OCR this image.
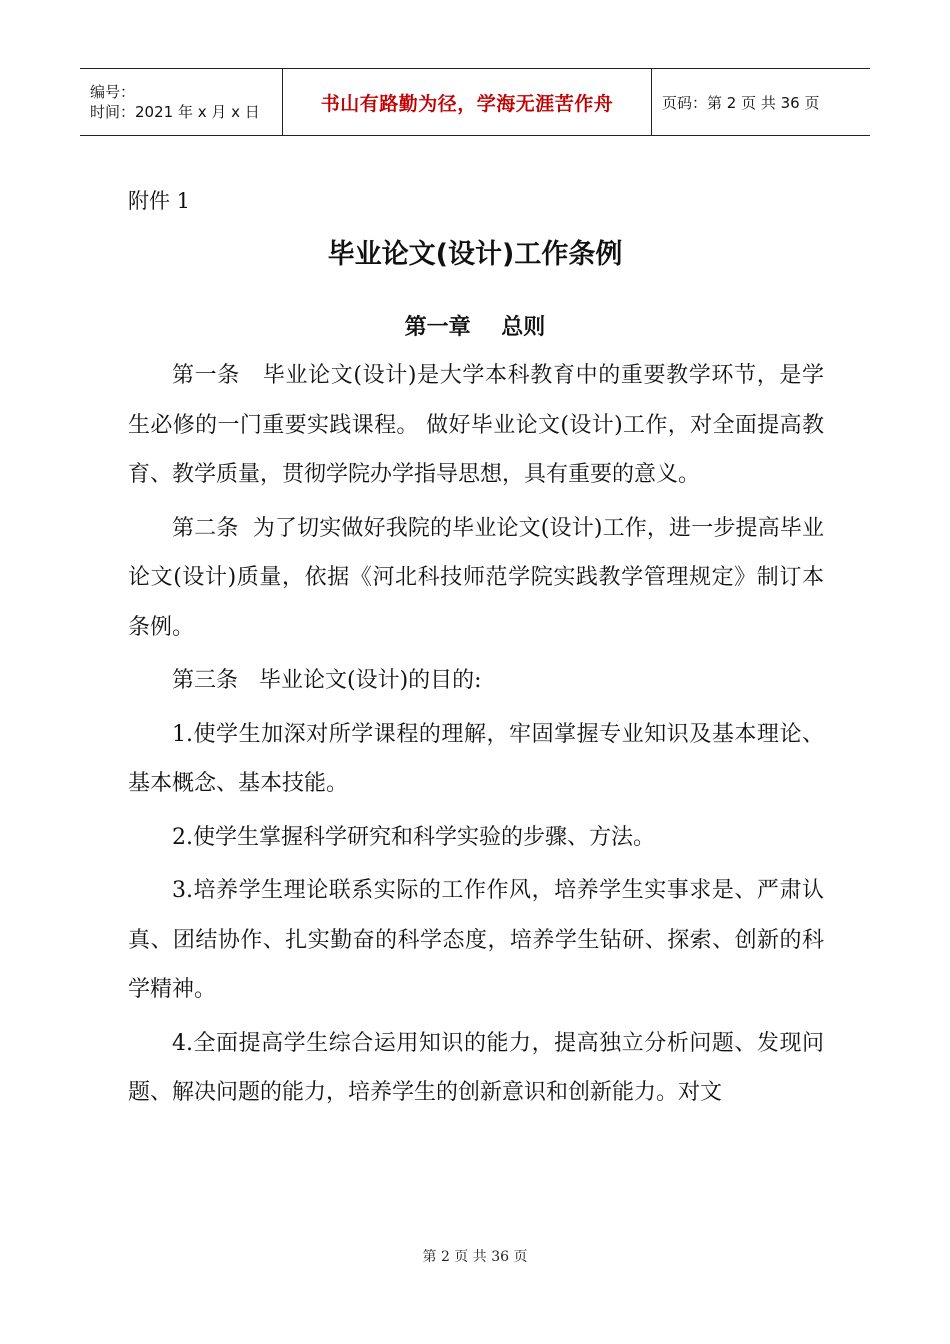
编号：
时间：2021 年 x 月 x 日	书山有路勤为径，学海无涯苦作舟	页码：第 2 页 共 36 页
附件 1
毕业论文(设计)工作条例
第一章    总则

第一条   毕业论文(设计)是大学本科教育中的重要教学环节，是学生必修的一门重要实践课程。 做好毕业论文(设计)工作，对全面提高教育、教学质量，贯彻学院办学指导思想，具有重要的意义。

第二条  为了切实做好我院的毕业论文(设计)工作，进一步提高毕业论文(设计)质量，依据《河北科技师范学院实践教学管理规定》制订本条例。

第三条   毕业论文(设计)的目的:

1.使学生加深对所学课程的理解，牢固掌握专业知识及基本理论、基本概念、基本技能。

2.使学生掌握科学研究和科学实验的步骤、方法。

3.培养学生理论联系实际的工作作风，培养学生实事求是、严肃认真、团结协作、扎实勤奋的科学态度，培养学生钻研、探索、创新的科学精神。

4.全面提高学生综合运用知识的能力，提高独立分析问题、发现问题、解决问题的能力，培养学生的创新意识和创新能力。对文

第 2 页 共 36 页
